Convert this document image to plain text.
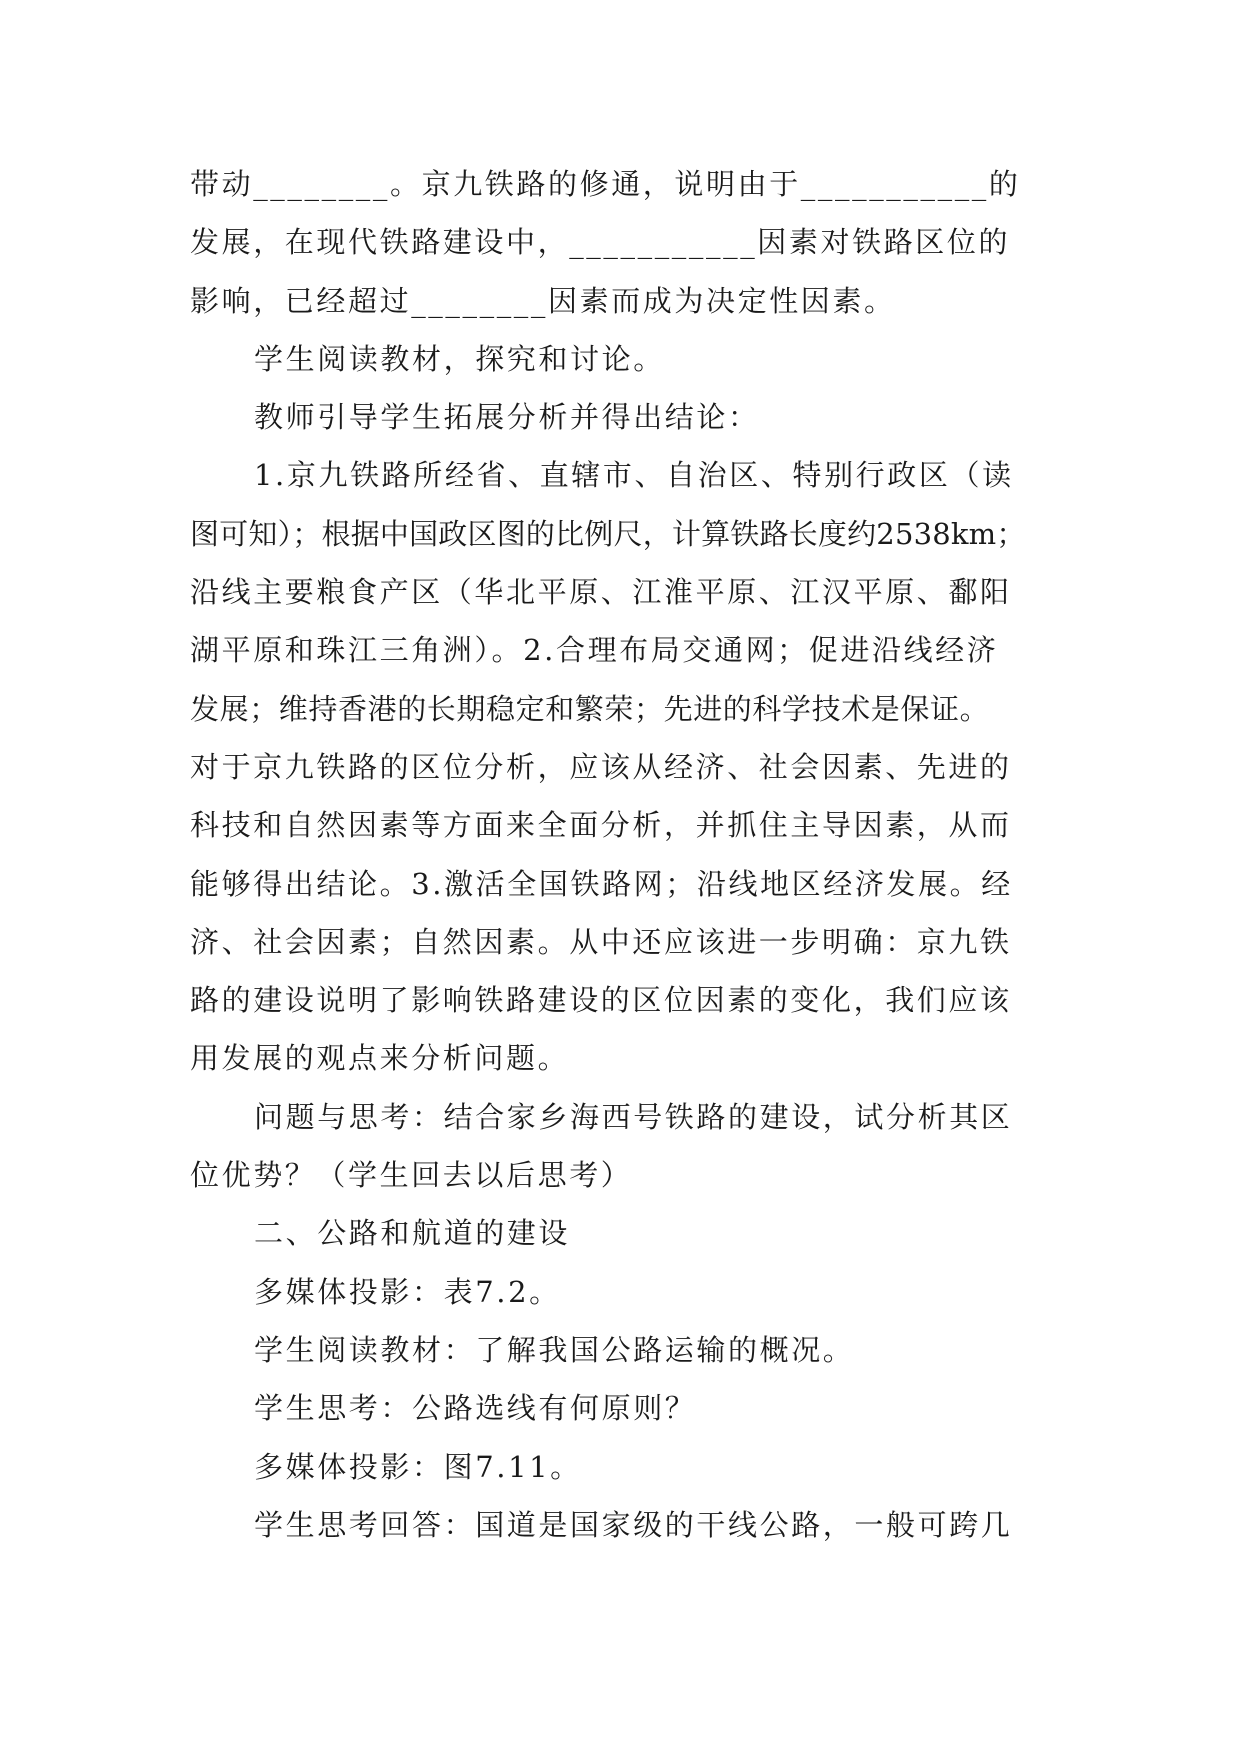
带动________。京九铁路的修通，说明由于___________的
发展，在现代铁路建设中，___________因素对铁路区位的
影响，已经超过________因素而成为决定性因素。
学生阅读教材，探究和讨论。
教师引导学生拓展分析并得出结论：
1.京九铁路所经省、直辖市、自治区、特别行政区（读
图可知）；根据中国政区图的比例尺，计算铁路长度约2538km；
沿线主要粮食产区（华北平原、江淮平原、江汉平原、鄱阳
湖平原和珠江三角洲）。2.合理布局交通网；促进沿线经济
发展；维持香港的长期稳定和繁荣；先进的科学技术是保证。
对于京九铁路的区位分析，应该从经济、社会因素、先进的
科技和自然因素等方面来全面分析，并抓住主导因素，从而
能够得出结论。3.激活全国铁路网；沿线地区经济发展。经
济、社会因素；自然因素。从中还应该进一步明确：京九铁
路的建设说明了影响铁路建设的区位因素的变化，我们应该
用发展的观点来分析问题。
问题与思考：结合家乡海西号铁路的建设，试分析其区
位优势？（学生回去以后思考）
二、公路和航道的建设
多媒体投影：表7.2。
学生阅读教材：了解我国公路运输的概况。
学生思考：公路选线有何原则？
多媒体投影：图7.11。
学生思考回答：国道是国家级的干线公路，一般可跨几
